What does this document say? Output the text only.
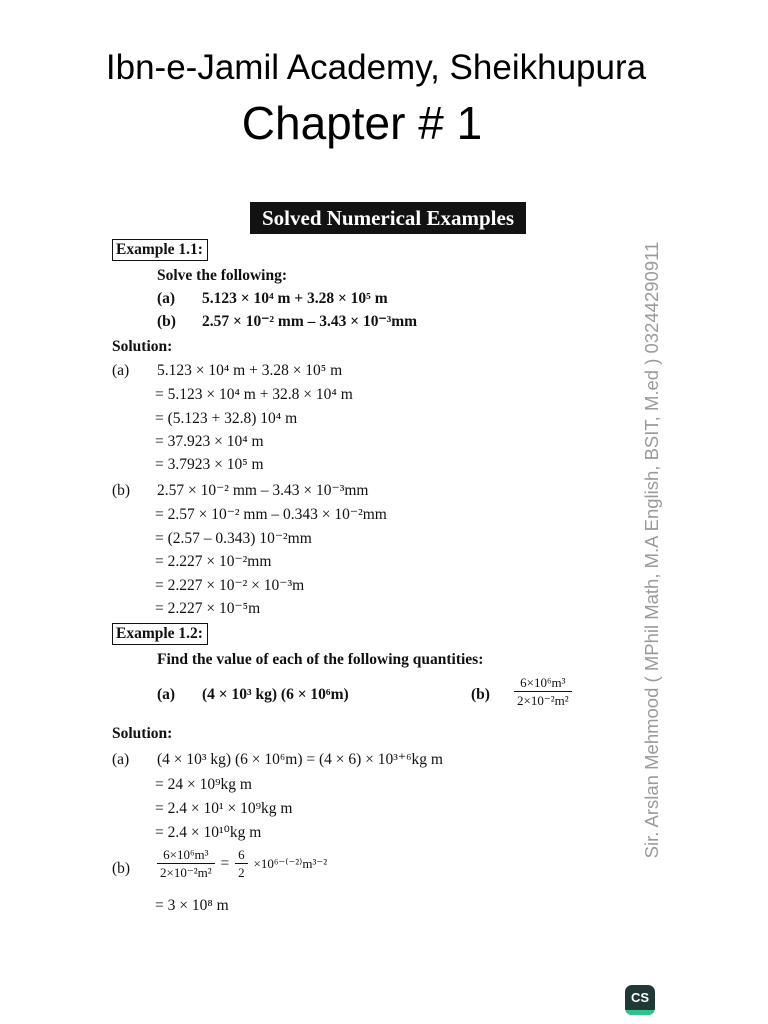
Ibn-e-Jamil Academy, Sheikhupura
Chapter # 1
Solved Numerical Examples
Example 1.1:
Solve the following:
(a) 5.123 × 10⁴ m + 3.28 × 10⁵ m
(b) 2.57 × 10⁻² mm – 3.43 × 10⁻³mm
Solution:
(a) 5.123 × 10⁴ m + 3.28 × 10⁵ m
= 5.123 × 10⁴ m + 32.8 × 10⁴ m
= (5.123 + 32.8) 10⁴ m
= 37.923 × 10⁴ m
= 3.7923 × 10⁵ m
(b) 2.57 × 10⁻² mm – 3.43 × 10⁻³mm
= 2.57 × 10⁻² mm – 0.343 × 10⁻²mm
= (2.57 – 0.343) 10⁻²mm
= 2.227 × 10⁻²mm
= 2.227 × 10⁻² × 10⁻³m
= 2.227 × 10⁻⁵m
Example 1.2:
Find the value of each of the following quantities:
(a) (4 × 10³ kg) (6 × 10⁶m)	$(b) \frac{\text{6×10⁶m³}}{\text{2×10⁻²m²}}$
Solution:
(a) (4 × 10³ kg) (6 × 10⁶m) = (4 × 6) × 10³⁺⁶kg m
= 24 × 10⁹kg m
= 2.4 × 10¹ × 10⁹kg m
= 2.4 × 10¹⁰kg m
$(b) \frac{\text{6×10⁶m³}}{\text{2×10⁻²m²}} = \frac{6}{2} \times 10^{6-(-2)}m^{3-2}$
= 3 × 10⁸ m
Sir. Arslan Mehmood ( MPhil Math, M.A English, BSIT, M.ed ) 03244290911
CS
